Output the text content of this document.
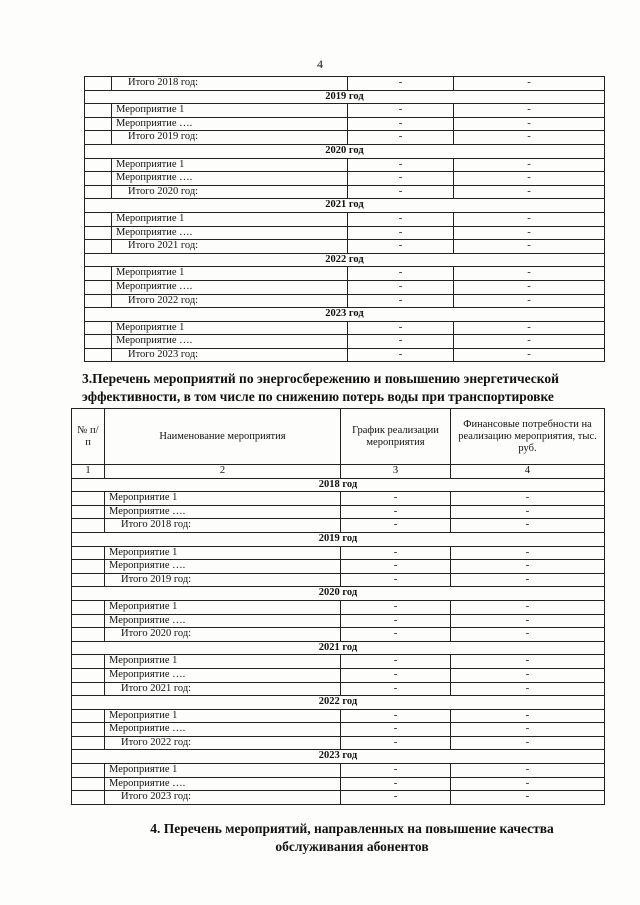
4
	Итого 2018 год:	-	-
2019 год			
	Мероприятие 1	-	-
	Мероприятие ….	-	-
	Итого 2019 год:	-	-
2020 год			
	Мероприятие 1	-	-
	Мероприятие ….	-	-
	Итого 2020 год:	-	-
2021 год			
	Мероприятие 1	-	-
	Мероприятие ….	-	-
	Итого 2021 год:	-	-
2022 год			
	Мероприятие 1	-	-
	Мероприятие ….	-	-
	Итого 2022 год:	-	-
2023 год			
	Мероприятие 1	-	-
	Мероприятие ….	-	-
	Итого 2023 год:	-	-
3.Перечень мероприятий по энергосбережению и повышению энергетической эффективности, в том числе по снижению потерь воды при транспортировке
№ п/п	Наименование мероприятия	График реализации мероприятия	Финансовые потребности на реализацию мероприятия, тыс. руб.
1	2	3	4
2018 год			
	Мероприятие 1	-	-
	Мероприятие ….	-	-
	Итого 2018 год:	-	-
2019 год			
	Мероприятие 1	-	-
	Мероприятие ….	-	-
	Итого 2019 год:	-	-
2020 год			
	Мероприятие 1	-	-
	Мероприятие ….	-	-
	Итого 2020 год:	-	-
2021 год			
	Мероприятие 1	-	-
	Мероприятие ….	-	-
	Итого 2021 год:	-	-
2022 год			
	Мероприятие 1	-	-
	Мероприятие ….	-	-
	Итого 2022 год:	-	-
2023 год			
	Мероприятие 1	-	-
	Мероприятие ….	-	-
	Итого 2023 год:	-	-
4. Перечень мероприятий, направленных на повышение качества
обслуживания абонентов
